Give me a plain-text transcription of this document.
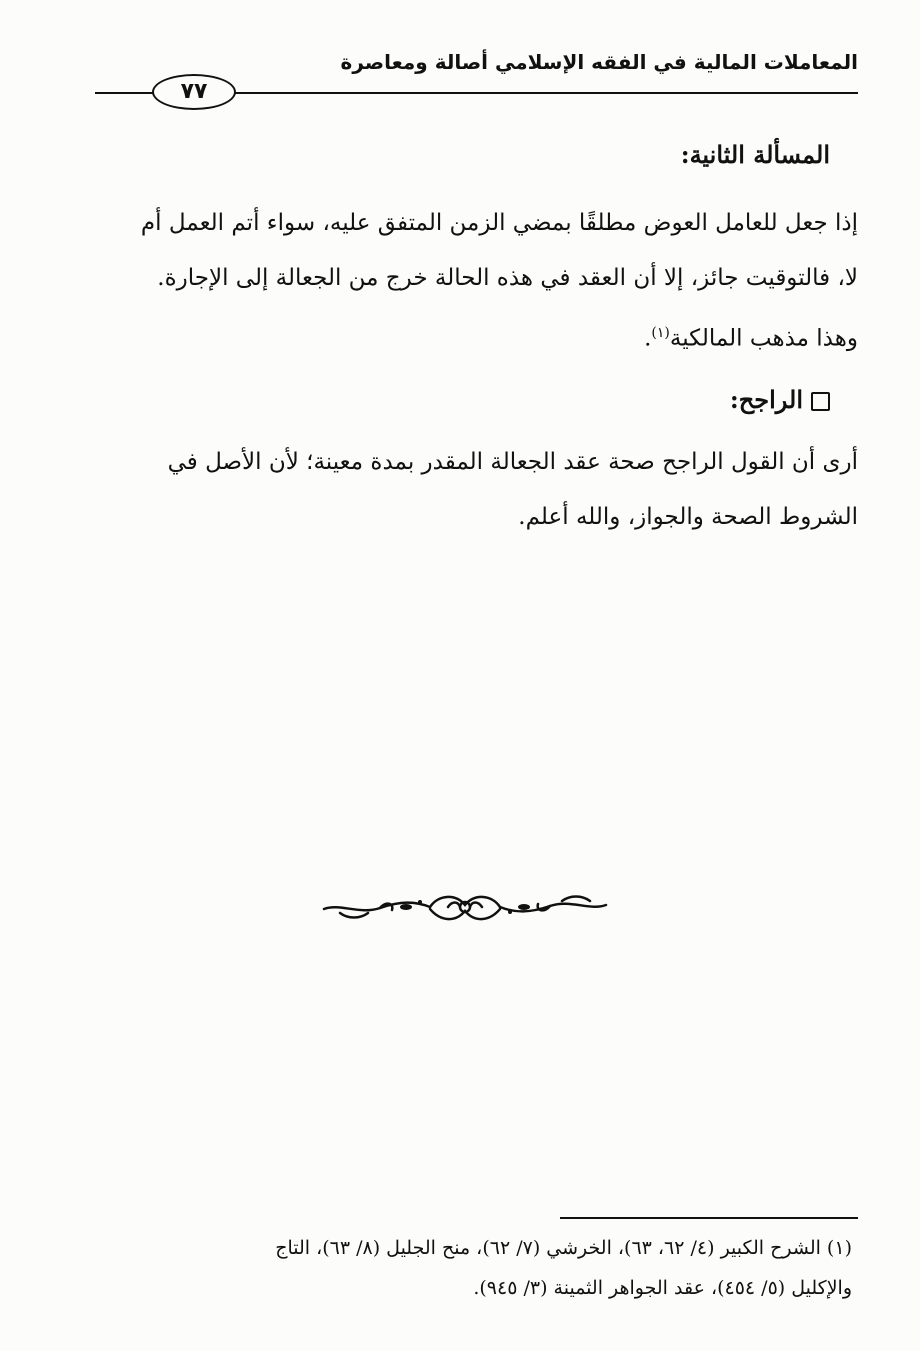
المعاملات المالية في الفقه الإسلامي أصالة ومعاصرة
٧٧
المسألة الثانية:

إذا جعل للعامل العوض مطلقًا بمضي الزمن المتفق عليه، سواء أتم العمل أم

لا، فالتوقيت جائز، إلا أن العقد في هذه الحالة خرج من الجعالة إلى الإجارة.

وهذا مذهب المالكية$^{(١)}$.

الراجح:

أرى أن القول الراجح صحة عقد الجعالة المقدر بمدة معينة؛ لأن الأصل في

الشروط الصحة والجواز، والله أعلم.

(١) الشرح الكبير (٤/ ٦٢، ٦٣)، الخرشي (٧/ ٦٢)، منح الجليل (٨/ ٦٣)، التاج

والإكليل (٥/ ٤٥٤)، عقد الجواهر الثمينة (٣/ ٩٤٥).
